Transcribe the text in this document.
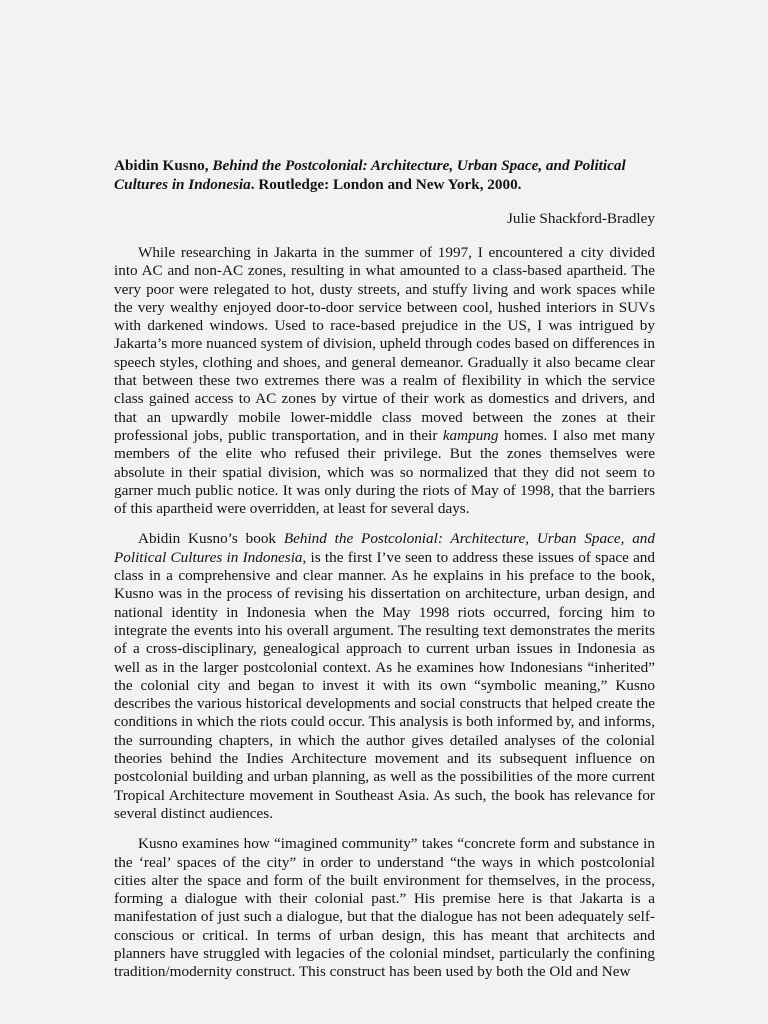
Abidin Kusno, Behind the Postcolonial: Architecture, Urban Space, and Political Cultures in Indonesia. Routledge: London and New York, 2000.

Julie Shackford-Bradley

While researching in Jakarta in the summer of 1997, I encountered a city divided into AC and non-AC zones, resulting in what amounted to a class-based apartheid. The very poor were relegated to hot, dusty streets, and stuffy living and work spaces while the very wealthy enjoyed door-to-door service between cool, hushed interiors in SUVs with darkened windows. Used to race-based prejudice in the US, I was intrigued by Jakarta’s more nuanced system of division, upheld through codes based on differences in speech styles, clothing and shoes, and general demeanor. Gradually it also became clear that between these two extremes there was a realm of flexibility in which the service class gained access to AC zones by virtue of their work as domestics and drivers, and that an upwardly mobile lower-middle class moved between the zones at their professional jobs, public transportation, and in their kampung homes. I also met many members of the elite who refused their privilege. But the zones themselves were absolute in their spatial division, which was so normalized that they did not seem to garner much public notice. It was only during the riots of May of 1998, that the barriers of this apartheid were overridden, at least for several days.

Abidin Kusno’s book Behind the Postcolonial: Architecture, Urban Space, and Political Cultures in Indonesia, is the first I’ve seen to address these issues of space and class in a comprehensive and clear manner. As he explains in his preface to the book, Kusno was in the process of revising his dissertation on architecture, urban design, and national identity in Indonesia when the May 1998 riots occurred, forcing him to integrate the events into his overall argument. The resulting text demonstrates the merits of a cross-disciplinary, genealogical approach to current urban issues in Indonesia as well as in the larger postcolonial context. As he examines how Indonesians “inherited” the colonial city and began to invest it with its own “symbolic meaning,” Kusno describes the various historical developments and social constructs that helped create the conditions in which the riots could occur. This analysis is both informed by, and informs, the surrounding chapters, in which the author gives detailed analyses of the colonial theories behind the Indies Architecture movement and its subsequent influence on postcolonial building and urban planning, as well as the possibilities of the more current Tropical Architecture movement in Southeast Asia. As such, the book has relevance for several distinct audiences.

Kusno examines how “imagined community” takes “concrete form and substance in the ‘real’ spaces of the city” in order to understand “the ways in which postcolonial cities alter the space and form of the built environment for themselves, in the process, forming a dialogue with their colonial past.” His premise here is that Jakarta is a manifestation of just such a dialogue, but that the dialogue has not been adequately self-conscious or critical. In terms of urban design, this has meant that architects and planners have struggled with legacies of the colonial mindset, particularly the confining tradition/modernity construct. This construct has been used by both the Old and New
